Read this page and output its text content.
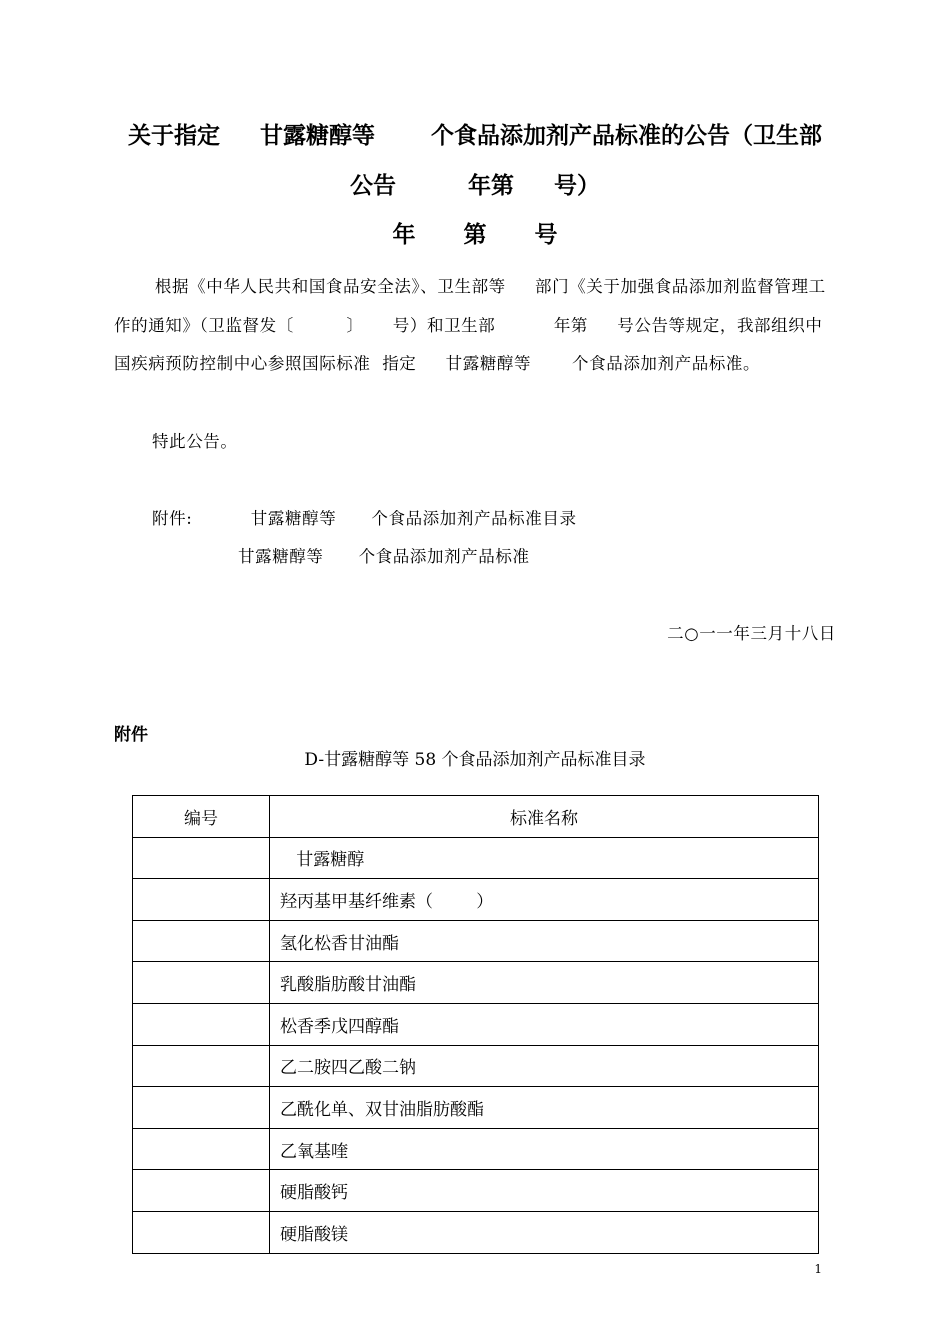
关于指定     甘露糖醇等       个食品添加剂产品标准的公告（卫生部
公告         年第     号）
年      第      号
根据《中华人民共和国食品安全法》、卫生部等     部门《关于加强食品添加剂监督管理工作的通知》（卫监督发〔         〕     号）和卫生部          年第     号公告等规定，我部组织中国疾病预防控制中心参照国际标准  指定     甘露糖醇等       个食品添加剂产品标准。
特此公告。
附件:          甘露糖醇等      个食品添加剂产品标准目录
甘露糖醇等      个食品添加剂产品标准
二○一一年三月十八日
附件
D-甘露糖醇等 58 个食品添加剂产品标准目录
编号	标准名称
	甘露糖醇
	羟丙基甲基纤维素（        ）
	氢化松香甘油酯
	乳酸脂肪酸甘油酯
	松香季戊四醇酯
	乙二胺四乙酸二钠
	乙酰化单、双甘油脂肪酸酯
	乙氧基喹
	硬脂酸钙
	硬脂酸镁
1
